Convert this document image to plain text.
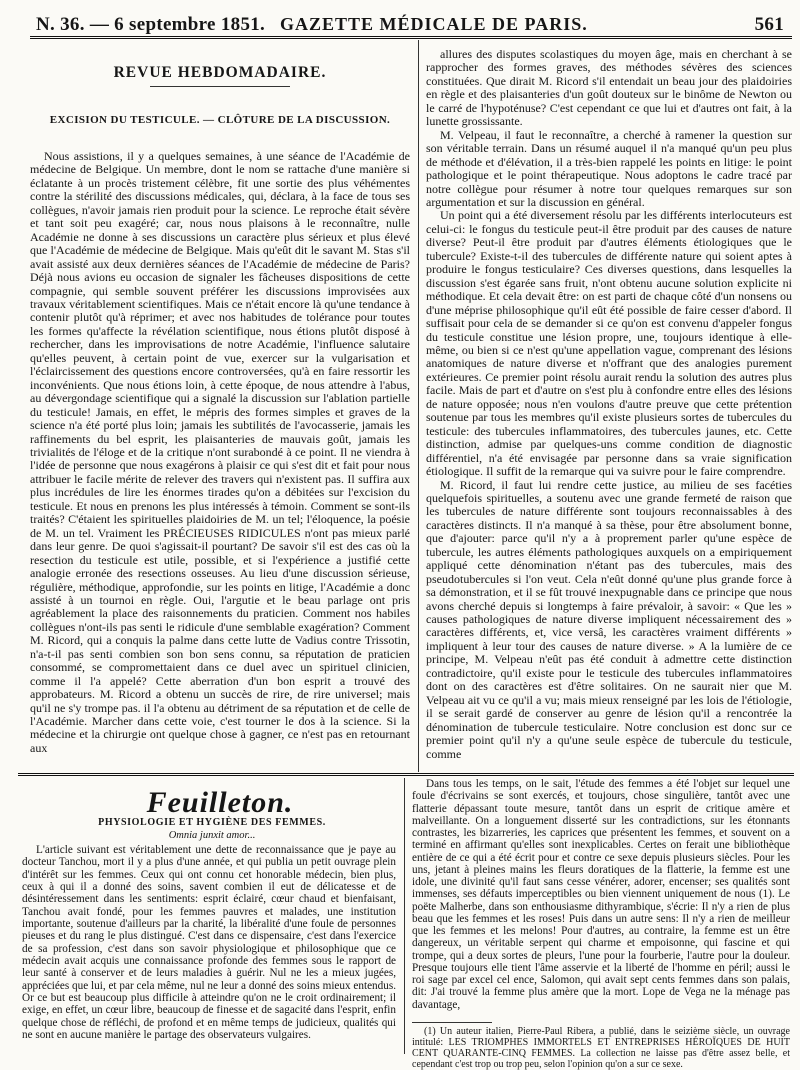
N. 36. — 6 septembre 1851. GAZETTE MÉDICALE DE PARIS.	561
REVUE HEBDOMADAIRE.
EXCISION DU TESTICULE. — CLÔTURE DE LA DISCUSSION.

Nous assistions, il y a quelques semaines, à une séance de l'Académie de médecine de Belgique. Un membre, dont le nom se rattache d'une manière si éclatante à un procès tristement célèbre, fit une sortie des plus véhémentes contre la stérilité des discussions médicales, qui, déclara, à la face de tous ses collègues, n'avoir jamais rien produit pour la science. Le reproche était sévère et tant soit peu exagéré; car, nous nous plaisons à le reconnaître, nulle Académie ne donne à ses discussions un caractère plus sérieux et plus élevé que l'Académie de médecine de Belgique. Mais qu'eût dit le savant M. Stas s'il avait assisté aux deux dernières séances de l'Académie de médecine de Paris? Déjà nous avions eu occasion de signaler les fâcheuses dispositions de cette compagnie, qui semble souvent préférer les discussions improvisées aux travaux véritablement scientifiques. Mais ce n'était encore là qu'une tendance à contenir plutôt qu'à réprimer; et avec nos habitudes de tolérance pour toutes les formes qu'affecte la révélation scientifique, nous étions plutôt disposé à rechercher, dans les improvisations de notre Académie, l'influence salutaire qu'elles peuvent, à certain point de vue, exercer sur la vulgarisation et l'éclaircissement des questions encore controversées, qu'à en faire ressortir les inconvénients. Que nous étions loin, à cette époque, de nous attendre à l'abus, au dévergondage scientifique qui a signalé la discussion sur l'ablation partielle du testicule! Jamais, en effet, le mépris des formes simples et graves de la science n'a été porté plus loin; jamais les subtilités de l'avocasserie, jamais les raffinements du bel esprit, les plaisanteries de mauvais goût, jamais les trivialités de l'éloge et de la critique n'ont surabondé à ce point. Il ne viendra à l'idée de personne que nous exagérons à plaisir ce qui s'est dit et fait pour nous attribuer le facile mérite de relever des travers qui n'existent pas. Il suffira aux plus incrédules de lire les énormes tirades qu'on a débitées sur l'excision du testicule. Et nous en prenons les plus intéressés à témoin. Comment se sont-ils traités? C'étaient les spirituelles plaidoiries de M. un tel; l'éloquence, la poésie de M. un tel. Vraiment les PRÉCIEUSES RIDICULES n'ont pas mieux parlé dans leur genre. De quoi s'agissait-il pourtant? De savoir s'il est des cas où la resection du testicule est utile, possible, et si l'expérience a justifié cette analogie erronée des resections osseuses. Au lieu d'une discussion sérieuse, régulière, méthodique, approfondie, sur les points en litige, l'Académie a donc assisté à un tournoi en règle. Oui, l'argutie et le beau parlage ont pris agréablement la place des raisonnements du praticien. Comment nos habiles collègues n'ont-ils pas senti le ridicule d'une semblable exagération? Comment M. Ricord, qui a conquis la palme dans cette lutte de Vadius contre Trissotin, n'a-t-il pas senti combien son bon sens connu, sa réputation de praticien consommé, se compromettaient dans ce duel avec un spirituel clinicien, comme il l'a appelé? Cette aberration d'un bon esprit a trouvé des approbateurs. M. Ricord a obtenu un succès de rire, de rire universel; mais qu'il ne s'y trompe pas. il l'a obtenu au détriment de sa réputation et de celle de l'Académie. Marcher dans cette voie, c'est tourner le dos à la science. Si la médecine et la chirurgie ont quelque chose à gagner, ce n'est pas en retournant aux

allures des disputes scolastiques du moyen âge, mais en cherchant à se rapprocher des formes graves, des méthodes sévères des sciences constituées. Que dirait M. Ricord s'il entendait un beau jour des plaidoiries en règle et des plaisanteries d'un goût douteux sur le binôme de Newton ou le carré de l'hypoténuse? C'est cependant ce que lui et d'autres ont fait, à la lunette grossissante.

M. Velpeau, il faut le reconnaître, a cherché à ramener la question sur son véritable terrain. Dans un résumé auquel il n'a manqué qu'un peu plus de méthode et d'élévation, il a très-bien rappelé les points en litige: le point pathologique et le point thérapeutique. Nous adoptons le cadre tracé par notre collègue pour résumer à notre tour quelques remarques sur son argumentation et sur la discussion en général.

Un point qui a été diversement résolu par les différents interlocuteurs est celui-ci: le fongus du testicule peut-il être produit par des causes de nature diverse? Peut-il être produit par d'autres éléments étiologiques que le tubercule? Existe-t-il des tubercules de différente nature qui soient aptes à produire le fongus testiculaire? Ces diverses questions, dans lesquelles la discussion s'est égarée sans fruit, n'ont obtenu aucune solution explicite ni méthodique. Et cela devait être: on est parti de chaque côté d'un nonsens ou d'une méprise philosophique qu'il eût été possible de faire cesser d'abord. Il suffisait pour cela de se demander si ce qu'on est convenu d'appeler fongus du testicule constitue une lésion propre, une, toujours identique à elle-même, ou bien si ce n'est qu'une appellation vague, comprenant des lésions anatomiques de nature diverse et n'offrant que des analogies purement extérieures. Ce premier point résolu aurait rendu la solution des autres plus facile. Mais de part et d'autre on s'est plu à confondre entre elles des lésions de nature opposée; nous n'en voulons d'autre preuve que cette prétention soutenue par tous les membres qu'il existe plusieurs sortes de tubercules du testicule: des tubercules inflammatoires, des tubercules jaunes, etc. Cette distinction, admise par quelques-uns comme condition de diagnostic différentiel, n'a été envisagée par personne dans sa vraie signification étiologique. Il suffit de la remarque qui va suivre pour le faire comprendre.

M. Ricord, il faut lui rendre cette justice, au milieu de ses facéties quelquefois spirituelles, a soutenu avec une grande fermeté de raison que les tubercules de nature différente sont toujours reconnaissables à des caractères distincts. Il n'a manqué à sa thèse, pour être absolument bonne, que d'ajouter: parce qu'il n'y a à proprement parler qu'une espèce de tubercule, les autres éléments pathologiques auxquels on a empiriquement appliqué cette dénomination n'étant pas des tubercules, mais des pseudotubercules si l'on veut. Cela n'eût donné qu'une plus grande force à sa démonstration, et il se fût trouvé inexpugnable dans ce principe que nous avons cherché depuis si longtemps à faire prévaloir, à savoir: « Que les » causes pathologiques de nature diverse impliquent nécessairement des » caractères différents, et, vice versâ, les caractères vraiment différents » impliquent à leur tour des causes de nature diverse. » A la lumière de ce principe, M. Velpeau n'eût pas été conduit à admettre cette distinction contradictoire, qu'il existe pour le testicule des tubercules inflammatoires dont on des caractères est d'être solitaires. On ne saurait nier que M. Velpeau ait vu ce qu'il a vu; mais mieux renseigné par les lois de l'étiologie, il se serait gardé de conserver au genre de lésion qu'il a rencontrée la dénomination de tubercule testiculaire. Notre conclusion est donc sur ce premier point qu'il n'y a qu'une seule espèce de tubercule du testicule, comme

Feuilleton.
PHYSIOLOGIE ET HYGIÈNE DES FEMMES.
Omnia junxit amor...

L'article suivant est véritablement une dette de reconnaissance que je paye au docteur Tanchou, mort il y a plus d'une année, et qui publia un petit ouvrage plein d'intérêt sur les femmes. Ceux qui ont connu cet honorable médecin, bien plus, ceux à qui il a donné des soins, savent combien il eut de délicatesse et de désintéressement dans les sentiments: esprit éclairé, cœur chaud et bienfaisant, Tanchou avait fondé, pour les femmes pauvres et malades, une institution importante, soutenue d'ailleurs par la charité, la libéralité d'une foule de personnes pieuses et du rang le plus distingué. C'est dans ce dispensaire, c'est dans l'exercice de sa profession, c'est dans son savoir physiologique et philosophique que ce médecin avait acquis une connaissance profonde des femmes sous le rapport de leur santé à conserver et de leurs maladies à guérir. Nul ne les a mieux jugées, appréciées que lui, et par cela même, nul ne leur a donné des soins mieux entendus. Or ce but est beaucoup plus difficile à atteindre qu'on ne le croit ordinairement; il exige, en effet, un cœur libre, beaucoup de finesse et de sagacité dans l'esprit, enfin quelque chose de réfléchi, de profond et en même temps de judicieux, qualités qui ne sont en aucune manière le partage des observateurs vulgaires.

Dans tous les temps, on le sait, l'étude des femmes a été l'objet sur lequel une foule d'écrivains se sont exercés, et toujours, chose singulière, tantôt avec une flatterie dépassant toute mesure, tantôt dans un esprit de critique amère et malveillante. On a longuement disserté sur les contradictions, sur les étonnants contrastes, les bizarreries, les caprices que présentent les femmes, et souvent on a terminé en affirmant qu'elles sont inexplicables. Certes on ferait une bibliothèque entière de ce qui a été écrit pour et contre ce sexe depuis plusieurs siècles. Pour les uns, jetant à pleines mains les fleurs doratiques de la flatterie, la femme est une idole, une divinité qu'il faut sans cesse vénérer, adorer, encenser; ses qualités sont immenses, ses défauts imperceptibles ou bien viennent uniquement de nous (1). Le poëte Malherbe, dans son enthousiasme dithyrambique, s'écrie: Il n'y a rien de plus beau que les femmes et les roses! Puis dans un autre sens: Il n'y a rien de meilleur que les femmes et les melons! Pour d'autres, au contraire, la femme est un être dangereux, un véritable serpent qui charme et empoisonne, qui fascine et qui trompe, qui a deux sortes de pleurs, l'une pour la fourberie, l'autre pour la douleur. Presque toujours elle tient l'âme asservie et la liberté de l'homme en péril; aussi le roi sage par excel cel ence, Salomon, qui avait sept cents femmes dans son palais, dit: J'ai trouvé la femme plus amère que la mort. Lope de Vega ne la ménage pas davantage,

(1) Un auteur italien, Pierre-Paul Ribera, a publié, dans le seizième siècle, un ouvrage intitulé: LES TRIOMPHES IMMORTELS ET ENTREPRISES HÉROÏQUES DE HUIT CENT QUARANTE-CINQ FEMMES. La collection ne laisse pas d'être assez belle, et cependant c'est trop ou trop peu, selon l'opinion qu'on a sur ce sexe.
